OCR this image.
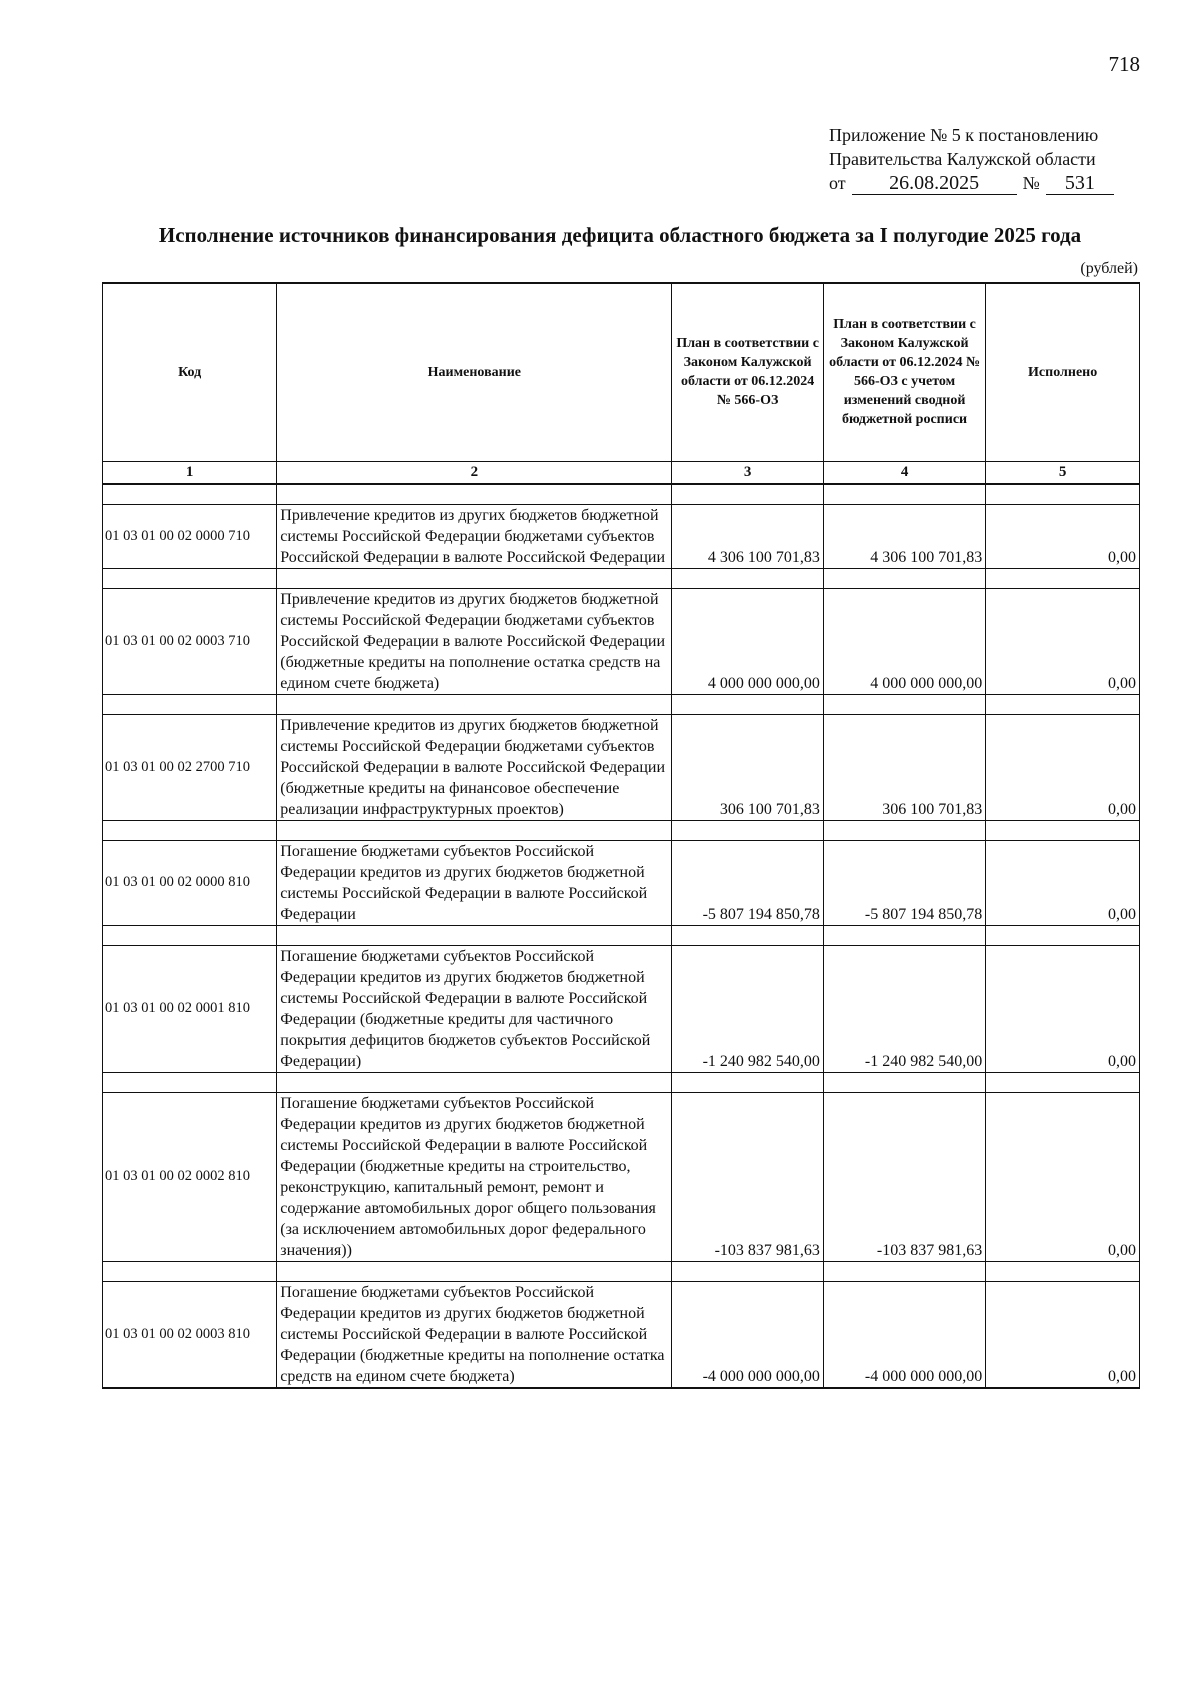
718
Приложение № 5 к постановлению
Правительства Калужской области
от 26.08.2025 № 531
Исполнение источников финансирования дефицита областного бюджета за I полугодие 2025 года
(рублей)
Код	Наименование	План в соответствии с Законом Калужской области от 06.12.2024 № 566-ОЗ	План в соответствии с Законом Калужской области от 06.12.2024 № 566-ОЗ с учетом изменений сводной бюджетной росписи	Исполнено
1	2	3	4	5

01 03 01 00 02 0000 710	Привлечение кредитов из других бюджетов бюджетной системы Российской Федерации бюджетами субъектов Российской Федерации в валюте Российской Федерации	4 306 100 701,83	4 306 100 701,83	0,00

01 03 01 00 02 0003 710	Привлечение кредитов из других бюджетов бюджетной системы Российской Федерации бюджетами субъектов Российской Федерации в валюте Российской Федерации (бюджетные кредиты на пополнение остатка средств на едином счете бюджета)	4 000 000 000,00	4 000 000 000,00	0,00

01 03 01 00 02 2700 710	Привлечение кредитов из других бюджетов бюджетной системы Российской Федерации бюджетами субъектов Российской Федерации в валюте Российской Федерации (бюджетные кредиты на финансовое обеспечение реализации инфраструктурных проектов)	306 100 701,83	306 100 701,83	0,00

01 03 01 00 02 0000 810	Погашение бюджетами субъектов Российской Федерации кредитов из других бюджетов бюджетной системы Российской Федерации в валюте Российской Федерации	-5 807 194 850,78	-5 807 194 850,78	0,00

01 03 01 00 02 0001 810	Погашение бюджетами субъектов Российской Федерации кредитов из других бюджетов бюджетной системы Российской Федерации в валюте Российской Федерации (бюджетные кредиты для частичного покрытия дефицитов бюджетов субъектов Российской Федерации)	-1 240 982 540,00	-1 240 982 540,00	0,00

01 03 01 00 02 0002 810	Погашение бюджетами субъектов Российской Федерации кредитов из других бюджетов бюджетной системы Российской Федерации в валюте Российской Федерации (бюджетные кредиты на строительство, реконструкцию, капитальный ремонт, ремонт и содержание автомобильных дорог общего пользования (за исключением автомобильных дорог федерального значения))	-103 837 981,63	-103 837 981,63	0,00

01 03 01 00 02 0003 810	Погашение бюджетами субъектов Российской Федерации кредитов из других бюджетов бюджетной системы Российской Федерации в валюте Российской Федерации (бюджетные кредиты на пополнение остатка средств на едином счете бюджета)	-4 000 000 000,00	-4 000 000 000,00	0,00
